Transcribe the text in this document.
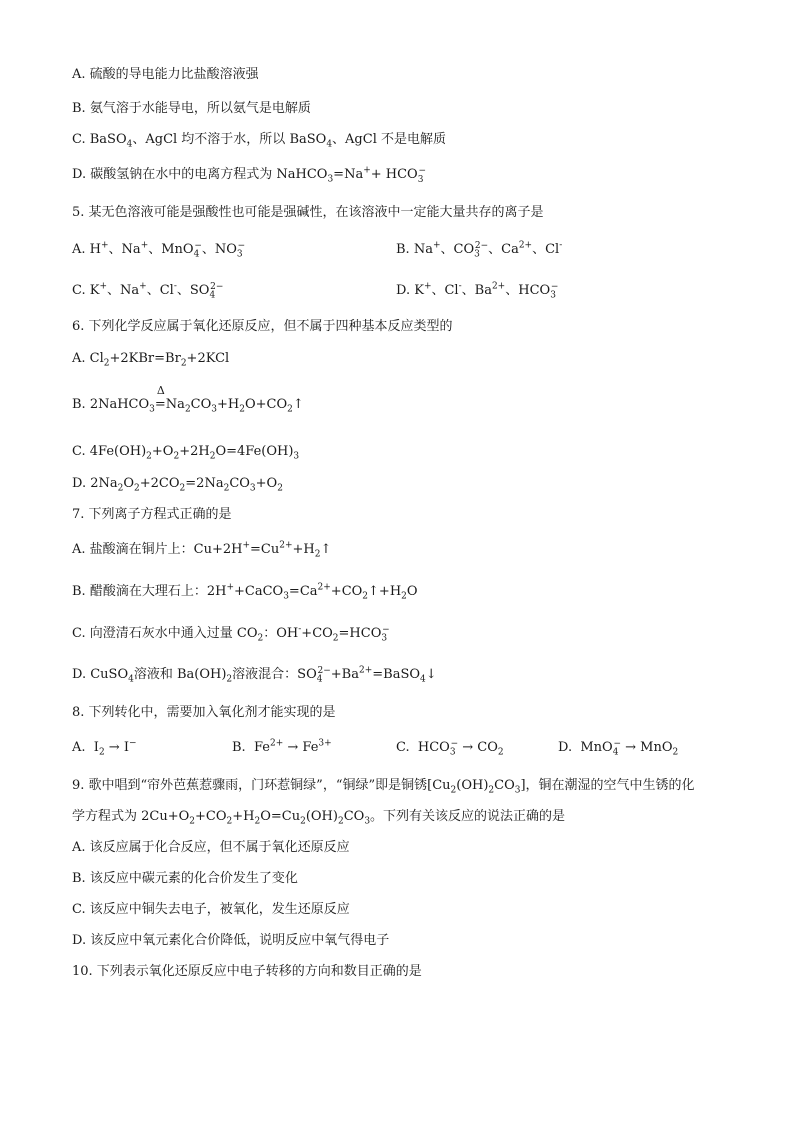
A. 硫酸的导电能力比盐酸溶液强
B. 氨气溶于水能导电，所以氨气是电解质
C. BaSO$_4$、AgCl 均不溶于水，所以 BaSO$_4$、AgCl 不是电解质
D. 碳酸氢钠在水中的电离方程式为 NaHCO$_3$=Na++ $HCO_3^-$
5. 某无色溶液可能是强酸性也可能是强碱性，在该溶液中一定能大量共存的离子是
A. H+、Na+、MnO$_4$−、$NO_3^-$	B. Na+、$CO_3^{2-}$、$Ca^{2+}$、Cl-
C. K+、Na+、Cl-、$SO_4^{2-}$	D. K+、Cl-、$Ba^{2+}$、$HCO_3^-$
6. 下列化学反应属于氧化还原反应，但不属于四种基本反应类型的
A. $Cl_2+2KBr=Br_2+2KCl$
B. 2NaHCO$_3$
Δ
$=Na_2CO_3+H_2O+CO_2↑$
C. $4Fe(OH)_2+O_2+2H_2O=4Fe(OH)_3$
D. $2Na_2O_2+2CO_2=2Na_2CO_3+O_2$
7. 下列离子方程式正确的是
A. 盐酸滴在铜片上：$Cu+2H^+=Cu^{2+}+H_2↑$
B. 醋酸滴在大理石上：$2H^++CaCO_3=Ca^{2+}+CO_2↑+H_2O$
C. 向澄清石灰水中通入过量 $CO_2$：$OH^-+CO_2=HCO_3^-$
D. CuSO$_4$溶液和 $Ba(OH)_2$溶液混合：$SO_4^{2-}+Ba^{2+}=BaSO_4↓$
8. 下列转化中，需要加入氧化剂才能实现的是
A.  $I_2 \to I^-$	B.  $Fe^{2+} \to Fe^{3+}$	C.  $HCO_3^- \to CO_2$	D.  MnO$_4$− → MnO$_2$
9. 歌中唱到“帘外芭蕉惹骤雨，门环惹铜绿”，“铜绿”即是铜锈$[Cu_2(OH)_2CO_3]$，铜在潮湿的空气中生锈的化
学方程式为 $2Cu+O_2+CO_2+H_2O=Cu_2(OH)_2CO_3$。下列有关该反应的说法正确的是
A. 该反应属于化合反应，但不属于氧化还原反应
B. 该反应中碳元素的化合价发生了变化
C. 该反应中铜失去电子，被氧化，发生还原反应
D. 该反应中氧元素化合价降低，说明反应中氧气得电子
10. 下列表示氧化还原反应中电子转移的方向和数目正确的是
